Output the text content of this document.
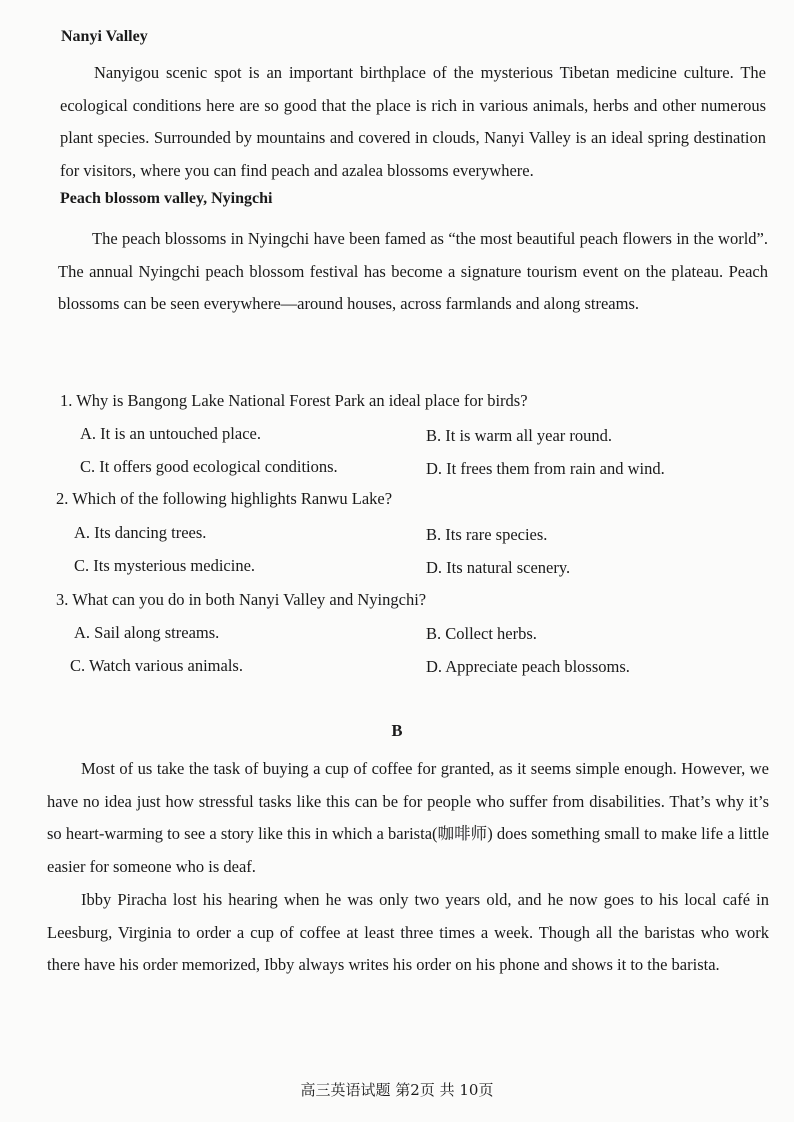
Nanyi Valley
Nanyigou scenic spot is an important birthplace of the mysterious Tibetan medicine culture. The ecological conditions here are so good that the place is rich in various animals, herbs and other numerous plant species. Surrounded by mountains and covered in clouds, Nanyi Valley is an ideal spring destination for visitors, where you can find peach and azalea blossoms everywhere.
Peach blossom valley, Nyingchi
The peach blossoms in Nyingchi have been famed as “the most beautiful peach flowers in the world”. The annual Nyingchi peach blossom festival has become a signature tourism event on the plateau. Peach blossoms can be seen everywhere—around houses, across farmlands and along streams.
1. Why is Bangong Lake National Forest Park an ideal place for birds?
A. It is an untouched place.	B. It is warm all year round.
C. It offers good ecological conditions.	D. It frees them from rain and wind.
2. Which of the following highlights Ranwu Lake?
A. Its dancing trees.	B. Its rare species.
C. Its mysterious medicine.	D. Its natural scenery.
3. What can you do in both Nanyi Valley and Nyingchi?
A. Sail along streams.	B. Collect herbs.
C. Watch various animals.	D. Appreciate peach blossoms.
B
Most of us take the task of buying a cup of coffee for granted, as it seems simple enough. However, we have no idea just how stressful tasks like this can be for people who suffer from disabilities. That’s why it’s so heart-warming to see a story like this in which a barista(咖啡师) does something small to make life a little easier for someone who is deaf.
Ibby Piracha lost his hearing when he was only two years old, and he now goes to his local café in Leesburg, Virginia to order a cup of coffee at least three times a week. Though all the baristas who work there have his order memorized, Ibby always writes his order on his phone and shows it to the barista.
高三英语试题 第2页 共 10页
